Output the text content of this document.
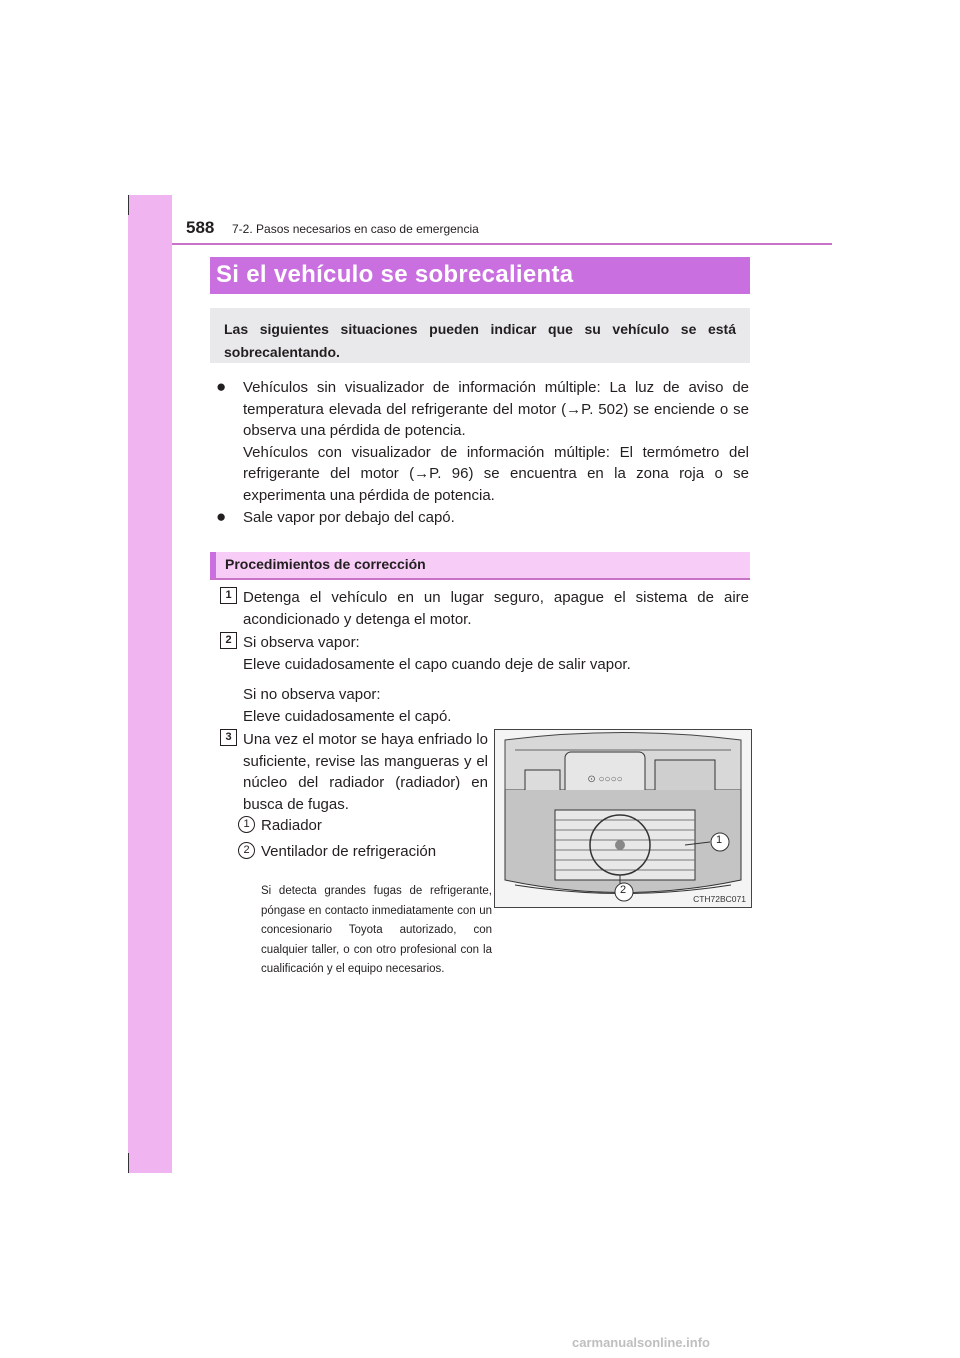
588 7-2. Pasos necesarios en caso de emergencia
Si el vehículo se sobrecalienta

Las siguientes situaciones pueden indicar que su vehículo se está sobrecalentando.

● Vehículos sin visualizador de información múltiple: La luz de aviso de temperatura elevada del refrigerante del motor (→P. 502) se enciende o se observa una pérdida de potencia.

Vehículos con visualizador de información múltiple: El termómetro del refrigerante del motor (→P. 96) se encuentra en la zona roja o se experimenta una pérdida de potencia.

● Sale vapor por debajo del capó.

Procedimientos de corrección
1 Detenga el vehículo en un lugar seguro, apague el sistema de aire acondicionado y detenga el motor.

2 Si observa vapor:

Eleve cuidadosamente el capo cuando deje de salir vapor.

Si no observa vapor:

Eleve cuidadosamente el capó.

3 Una vez el motor se haya enfriado lo suficiente, revise las mangueras y el núcleo del radiador (radiador) en busca de fugas.

1 Radiador
2 Ventilador de refrigeración
Si detecta grandes fugas de refrigerante, póngase en contacto inmediatamente con un concesionario Toyota autorizado, con cualquier taller, o con otro profesional con la cualificación y el equipo necesarios.
⊙ ○○○○
1
2
CTH72BC071
carmanualsonline.info
